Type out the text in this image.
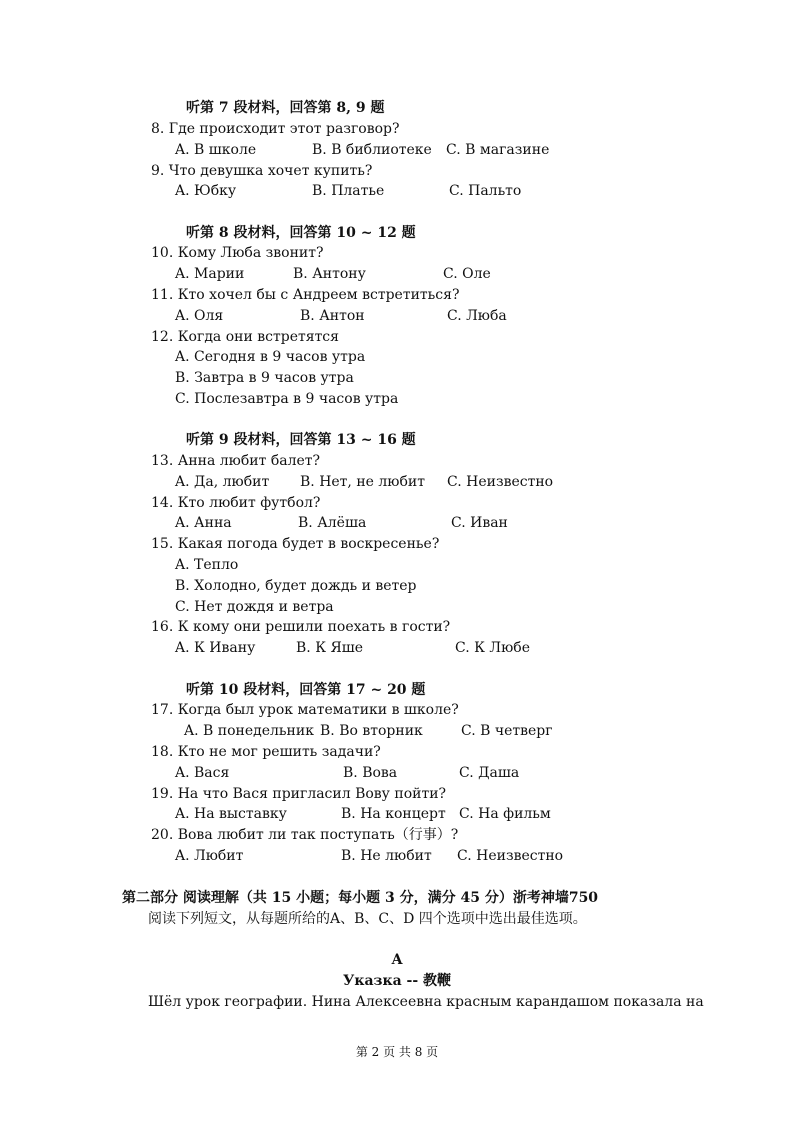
听第 7 段材料，回答第 8, 9 题
8. Где происходит этот разговор?
A. В школе	B. В библиотеке C. В магазине
9. Что девушка хочет купить?
A. Юбку	B. Платье	C. Пальто
听第 8 段材料，回答第 10 ~ 12 题
10. Кому Люба звонит?
A. Марии	B. Антону	C. Оле
11. Кто хочел бы с Андреем встретиться?
A. Оля	B. Антон	C. Люба
12. Когда они встретятся
A. Сегодня в 9 часов утра
B. Завтра в 9 часов утра
C. Послезавтра в 9 часов утра
听第 9 段材料，回答第 13 ~ 16 题
13. Анна любит балет?
A. Да, любит B. Нет, не любит C. Неизвестно
14. Кто любит футбол?
A. Анна	B. Алёша	C. Иван
15. Какая погода будет в воскресенье?
A. Тепло
B. Холодно, будет дождь и ветер
C. Нет дождя и ветра
16. К кому они решили поехать в гости?
A. К Ивану	B. К Яше	C. К Любе
听第 10 段材料，回答第 17 ~ 20 题
17. Когда был урок математики в школе?
A. В понедельник B. Во вторник	C. В четверг
18. Кто не мог решить задачи?
A. Вася	B. Вова	C. Даша
19. На что Вася пригласил Вову пойти?
A. На выставку	B. На концерт C. На фильм
20. Вова любит ли так поступать（行事）?
A. Любит	B. Не любит C. Неизвестно
第二部分 阅读理解（共 15 小题；每小题 3 分，满分 45 分）浙考神墙750
阅读下列短文，从每题所给的A、B、C、D 四个选项中选出最佳选项。
A
Указка -- 教鞭
Шёл урок географии. Нина Алексеевна красным карандашом показала на
第 2 页 共 8 页
